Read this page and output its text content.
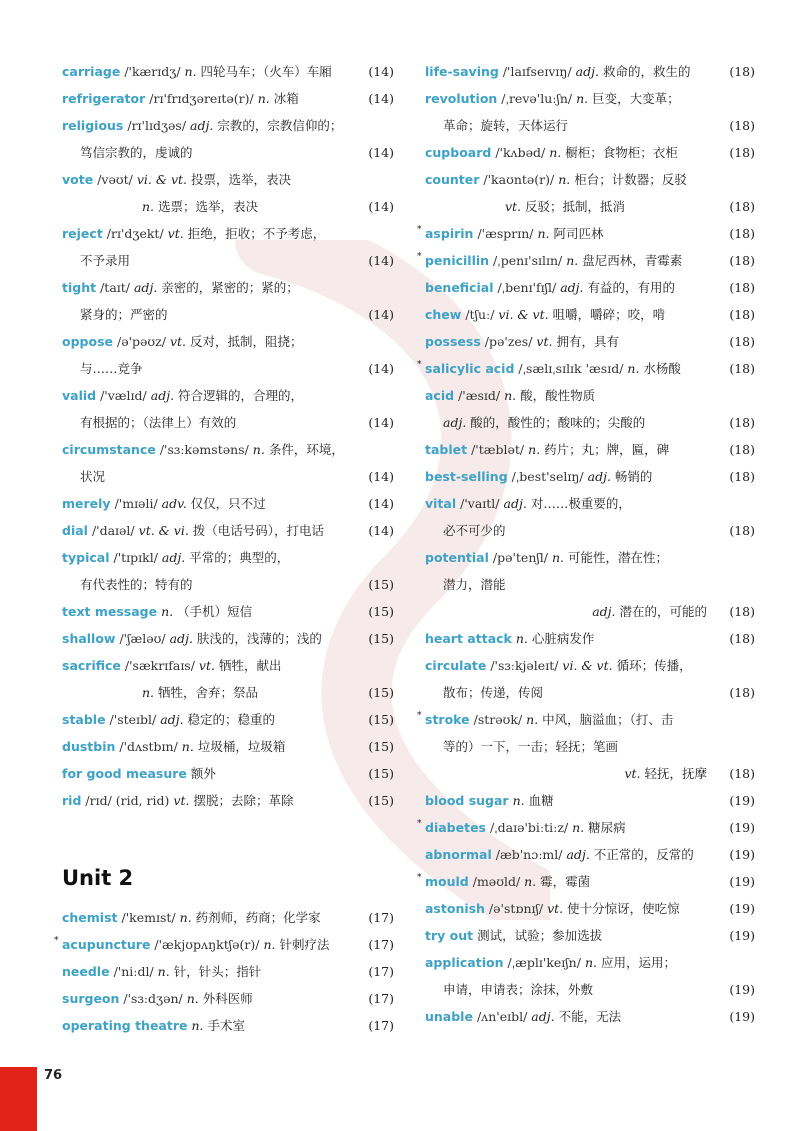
carriage /'kærɪdʒ/ n. 四轮马车；（火车）车厢	(14)
refrigerator /rɪ'frɪdʒəreɪtə(r)/ n. 冰箱	(14)
religious /rɪ'lɪdʒəs/ adj. 宗教的，宗教信仰的；
笃信宗教的，虔诚的	(14)
vote /vəʊt/ vi. & vt. 投票，选举，表决
n. 选票；选举，表决	(14)
reject /rɪ'dʒekt/ vt. 拒绝，拒收；不予考虑，
不予录用	(14)
tight /taɪt/ adj. 亲密的，紧密的；紧的；
紧身的；严密的	(14)
oppose /ə'pəʊz/ vt. 反对，抵制，阻挠；
与……竞争	(14)
valid /'vælɪd/ adj. 符合逻辑的，合理的，
有根据的；（法律上）有效的	(14)
circumstance /'sɜːkəmstəns/ n. 条件，环境，
状况	(14)
merely /'mɪəli/ adv. 仅仅，只不过	(14)
dial /'daɪəl/ vt. & vi. 拨（电话号码），打电话	(14)
typical /'tɪpɪkl/ adj. 平常的；典型的，
有代表性的；特有的	(15)
text message n. （手机）短信	(15)
shallow /'ʃæləʊ/ adj. 肤浅的，浅薄的；浅的	(15)
sacrifice /'sækrɪfaɪs/ vt. 牺牲，献出
n. 牺牲，舍弃；祭品	(15)
stable /'steɪbl/ adj. 稳定的；稳重的	(15)
dustbin /'dʌstbɪn/ n. 垃圾桶，垃圾箱	(15)
for good measure 额外	(15)
rid /rɪd/ (rid, rid) vt. 摆脱；去除；革除	(15)
Unit 2
chemist /'kemɪst/ n. 药剂师，药商；化学家	(17)
* acupuncture /'ækjʊpʌŋktʃə(r)/ n. 针刺疗法	(17)
needle /'niːdl/ n. 针，针头；指针	(17)
surgeon /'sɜːdʒən/ n. 外科医师	(17)
operating theatre n. 手术室	(17)
life-saving /'laɪfseɪvɪŋ/ adj. 救命的，救生的	(18)
revolution /ˌrevə'luːʃn/ n. 巨变，大变革；
革命；旋转，天体运行	(18)
cupboard /'kʌbəd/ n. 橱柜；食物柜；衣柜	(18)
counter /'kaʊntə(r)/ n. 柜台；计数器；反驳
vt. 反驳；抵制，抵消	(18)
* aspirin /'æsprɪn/ n. 阿司匹林	(18)
* penicillin /ˌpenɪ'sɪlɪn/ n. 盘尼西林，青霉素	(18)
beneficial /ˌbenɪ'fɪʃl/ adj. 有益的，有用的	(18)
chew /tʃuː/ vi. & vt. 咀嚼，嚼碎；咬，啃	(18)
possess /pə'zes/ vt. 拥有，具有	(18)
* salicylic acid /ˌsælɪˌsɪlɪk 'æsɪd/ n. 水杨酸	(18)
acid /'æsɪd/ n. 酸，酸性物质
adj. 酸的，酸性的；酸味的；尖酸的	(18)
tablet /'tæblət/ n. 药片；丸；牌，匾，碑	(18)
best-selling /ˌbest'selɪŋ/ adj. 畅销的	(18)
vital /'vaɪtl/ adj. 对……极重要的，
必不可少的	(18)
potential /pə'tenʃl/ n. 可能性，潜在性；
潜力，潜能
adj. 潜在的，可能的 (18)
heart attack n. 心脏病发作	(18)
circulate /'sɜːkjəleɪt/ vi. & vt. 循环；传播，
散布；传递，传阅	(18)
* stroke /strəʊk/ n. 中风，脑溢血；（打、击
等的）一下，一击；轻抚；笔画
vt. 轻抚，抚摩 (18)
blood sugar n. 血糖	(19)
* diabetes /ˌdaɪə'biːtiːz/ n. 糖尿病	(19)
abnormal /æb'nɔːml/ adj. 不正常的，反常的	(19)
* mould /məʊld/ n. 霉，霉菌	(19)
astonish /ə'stɒnɪʃ/ vt. 使十分惊讶，使吃惊	(19)
try out 测试，试验；参加选拔	(19)
application /ˌæplɪ'keɪʃn/ n. 应用，运用；
申请，申请表；涂抹，外敷	(19)
unable /ʌn'eɪbl/ adj. 不能，无法	(19)
76
